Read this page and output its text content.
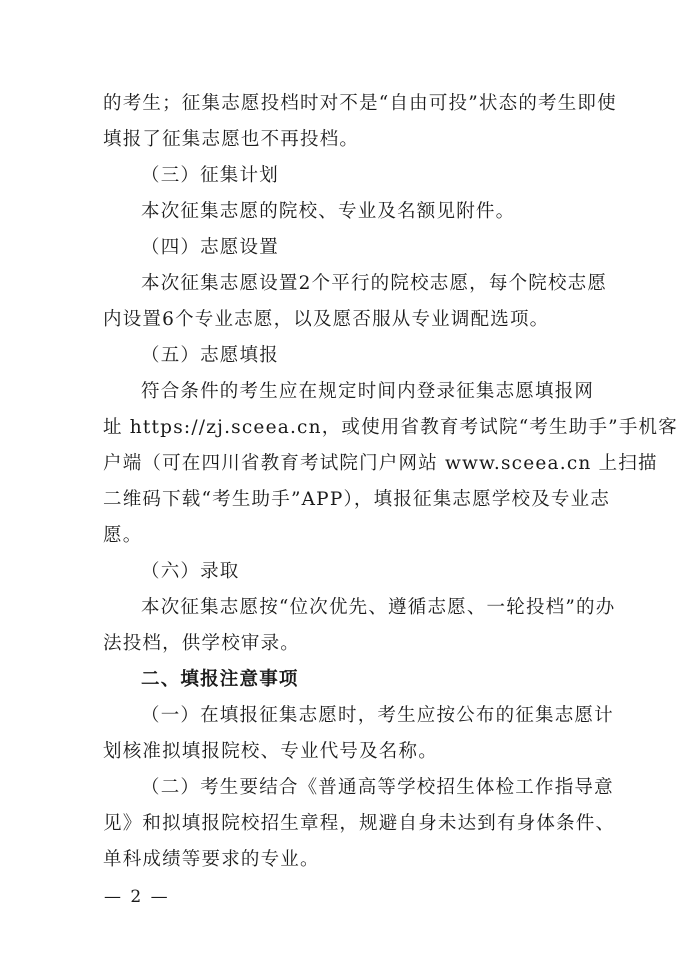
的考生；征集志愿投档时对不是“自由可投”状态的考生即使
填报了征集志愿也不再投档。
（三）征集计划
本次征集志愿的院校、专业及名额见附件。
（四）志愿设置
本次征集志愿设置2个平行的院校志愿，每个院校志愿
内设置6个专业志愿，以及愿否服从专业调配选项。
（五）志愿填报
符合条件的考生应在规定时间内登录征集志愿填报网
址 https://zj.sceea.cn，或使用省教育考试院“考生助手”手机客
户端（可在四川省教育考试院门户网站 www.sceea.cn 上扫描
二维码下载“考生助手”APP），填报征集志愿学校及专业志
愿。
（六）录取
本次征集志愿按“位次优先、遵循志愿、一轮投档”的办
法投档，供学校审录。
二、填报注意事项
（一）在填报征集志愿时，考生应按公布的征集志愿计
划核准拟填报院校、专业代号及名称。
（二）考生要结合《普通高等学校招生体检工作指导意
见》和拟填报院校招生章程，规避自身未达到有身体条件、
单科成绩等要求的专业。
— 2 —
